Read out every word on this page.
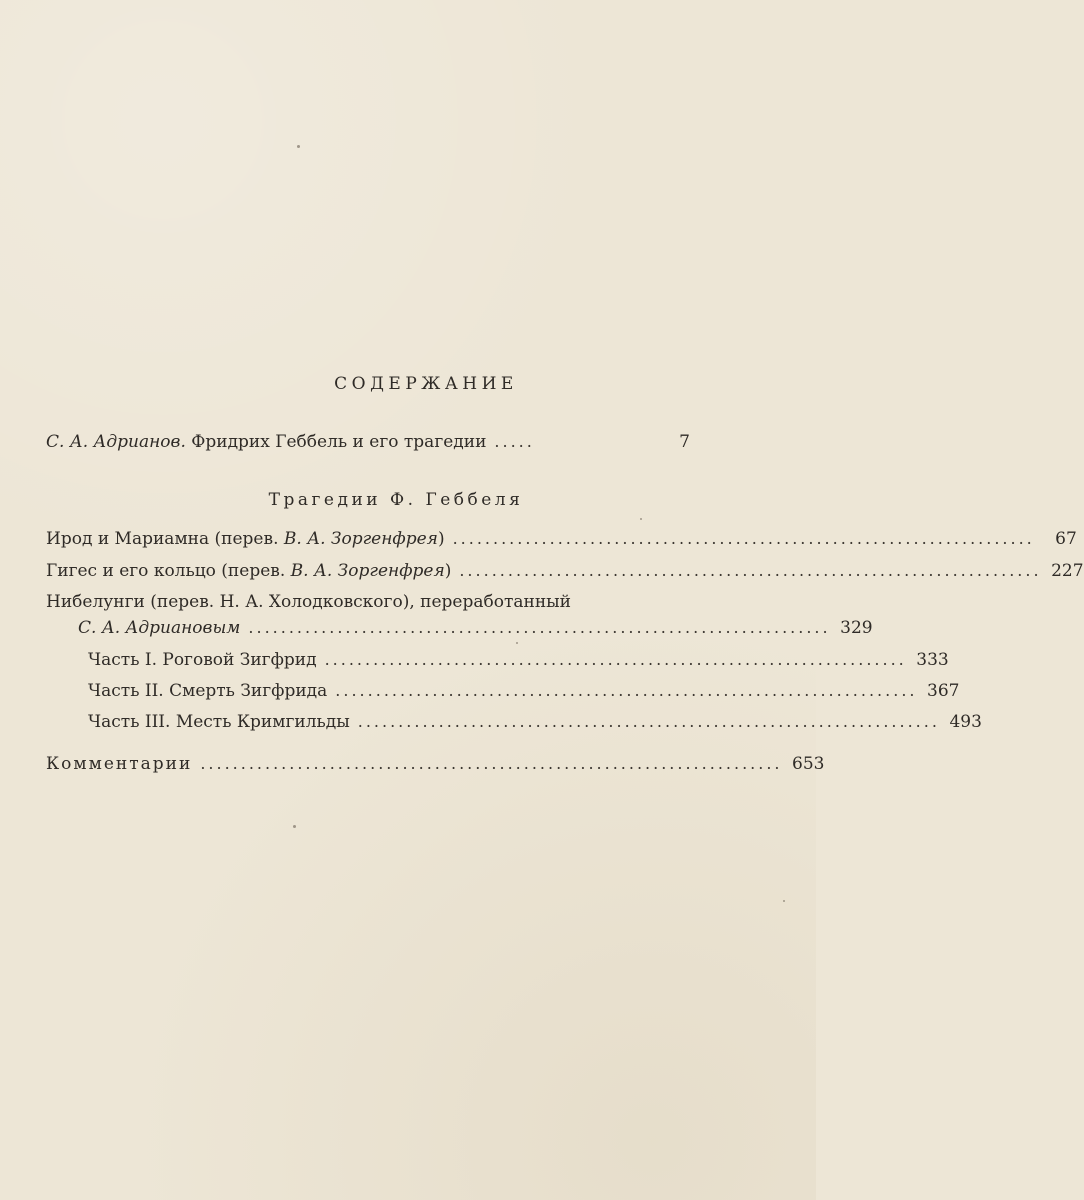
СОДЕРЖАНИЕ
С. А. Адрианов. Фридрих Геббель и его трагедии .....	7
Трагедии Ф. Геббеля
Ирод и Мариамна (перев. В. А. Зоргенфрея) ........................................................................	67
Гигес и его кольцо (перев. В. А. Зоргенфрея) ........................................................................ 227
Нибелунги (перев. Н. А. Холодковского), переработанный
С. А. Адриановым ........................................................................ 329
Часть I. Роговой Зигфрид ........................................................................ 333
Часть II. Смерть Зигфрида ........................................................................ 367
Часть III. Месть Кримгильды ........................................................................ 493
Комментарии ........................................................................ 653
